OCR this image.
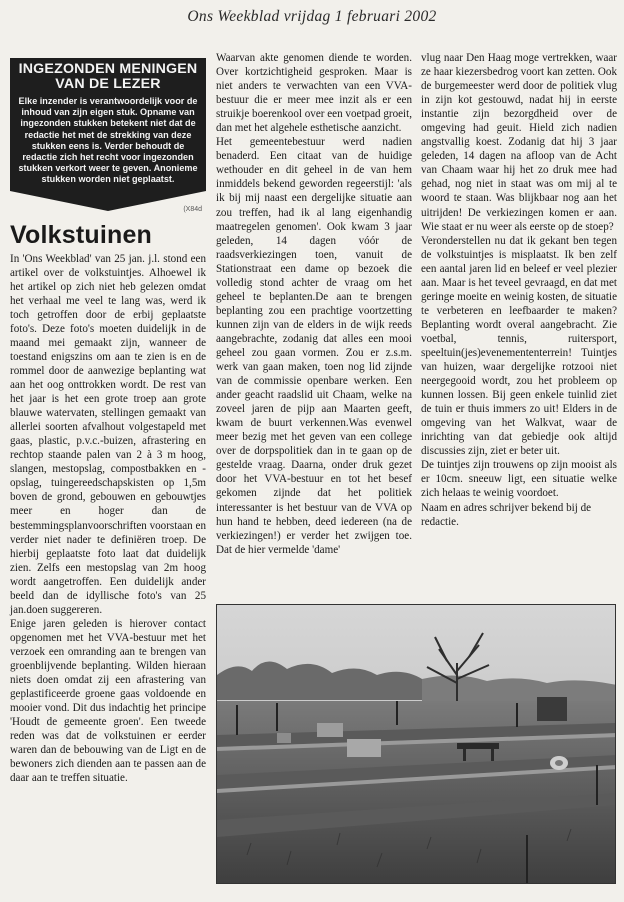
Ons Weekblad vrijdag 1 februari 2002
INGEZONDEN MENINGEN VAN DE LEZER
Elke inzender is verantwoordelijk voor de inhoud van zijn eigen stuk. Opname van ingezonden stukken betekent niet dat de redactie het met de strekking van deze stukken eens is. Verder behoudt de redactie zich het recht voor ingezonden stukken verkort weer te geven. Anonieme stukken worden niet geplaatst.
(X84d
Volkstuinen

In 'Ons Weekblad' van 25 jan. j.l. stond een artikel over de volkstuintjes. Alhoewel ik het artikel op zich niet heb gelezen omdat het verhaal me veel te lang was, werd ik toch getroffen door de erbij geplaatste foto's. Deze foto's moeten duidelijk in de maand mei gemaakt zijn, wanneer de toestand enigszins om aan te zien is en de rommel door de aanwezige beplanting wat aan het oog onttrokken wordt. De rest van het jaar is het een grote troep aan grote blauwe watervaten, stellingen gemaakt van allerlei soorten afvalhout volgestapeld met gaas, plastic, p.v.c.-buizen, afrastering en rechtop staande palen van 2 à 3 m hoog, slangen, mestopslag, compostbakken en -opslag, tuingereedschapskisten op 1,5m boven de grond, gebouwen en gebouwtjes meer en hoger dan de bestemmingsplanvoorschriften voorstaan en verder niet nader te definiëren troep. De hierbij geplaatste foto laat dat duidelijk zien. Zelfs een mestopslag van 2m hoog wordt aangetroffen. Een duidelijk ander beeld dan de idyllische foto's van 25 jan.doen suggereren.

Enige jaren geleden is hierover contact opgenomen met het VVA-bestuur met het verzoek een omranding aan te brengen van groenblijvende beplanting. Wilden hieraan niets doen omdat zij een afrastering van geplastificeerde groene gaas voldoende en mooier vond. Dit dus indachtig het principe 'Houdt de gemeente groen'. Een tweede reden was dat de volkstuinen er eerder waren dan de bebouwing van de Ligt en de bewoners zich dienden aan te passen aan de daar aan te treffen situatie.

Waarvan akte genomen diende te worden. Over kortzichtigheid gesproken. Maar is niet anders te verwachten van een VVA-bestuur die er meer mee inzit als er een struikje boerenkool over een voetpad groeit, dan met het algehele esthetische aanzicht.

Het gemeentebestuur werd nadien benaderd. Een citaat van de huidige wethouder en dit geheel in de van hem inmiddels bekend geworden regeerstijl: 'als ik bij mij naast een dergelijke situatie aan zou treffen, had ik al lang eigenhandig maatregelen genomen'. Ook kwam 3 jaar geleden, 14 dagen vóór de raadsverkiezingen toen, vanuit de Stationstraat een dame op bezoek die volledig stond achter de vraag om het geheel te beplanten.De aan te brengen beplanting zou een prachtige voortzetting kunnen zijn van de elders in de wijk reeds aangebrachte, zodanig dat alles een mooi geheel zou gaan vormen. Zou er z.s.m. werk van gaan maken, toen nog lid zijnde van de commissie openbare werken. Een ander geacht raadslid uit Chaam, welke na zoveel jaren de pijp aan Maarten geeft, kwam de buurt verkennen.Was evenwel meer bezig met het geven van een college over de dorpspolitiek dan in te gaan op de gestelde vraag. Daarna, onder druk gezet door het VVA-bestuur en tot het besef gekomen zijnde dat het politiek interessanter is het bestuur van de VVA op hun hand te hebben, deed iedereen (na de verkiezingen!) er verder het zwijgen toe. Dat de hier vermelde 'dame'

vlug naar Den Haag moge vertrekken, waar ze haar kiezersbedrog voort kan zetten. Ook de burgemeester werd door de politiek vlug in zijn kot gestouwd, nadat hij in eerste instantie zijn bezorgdheid over de omgeving had geuit. Hield zich nadien angstvallig koest. Zodanig dat hij 3 jaar geleden, 14 dagen na afloop van de Acht van Chaam waar hij het zo druk mee had gehad, nog niet in staat was om mij al te woord te staan. Was blijkbaar nog aan het uitrijden! De verkiezingen komen er aan. Wie staat er nu weer als eerste op de stoep?

Veronderstellen nu dat ik gekant ben tegen de volkstuintjes is misplaatst. Ik ben zelf een aantal jaren lid en beleef er veel plezier aan. Maar is het teveel gevraagd, en dat met geringe moeite en weinig kosten, de situatie te verbeteren en leefbaarder te maken? Beplanting wordt overal aangebracht. Zie voetbal, tennis, ruitersport, speeltuin(jes)evenemententerrein! Tuintjes van huizen, waar dergelijke rotzooi niet neergegooid wordt, zou het probleem op kunnen lossen. Bij geen enkele tuinlid ziet de tuin er thuis immers zo uit! Elders in de omgeving van het Walkvat, waar de inrichting van dat gebiedje ook altijd discussies zijn, ziet er beter uit.

De tuintjes zijn trouwens op zijn mooist als er 10cm. sneeuw ligt, een situatie welke zich helaas te weinig voordoet.

Naam en adres schrijver bekend bij de redactie.
